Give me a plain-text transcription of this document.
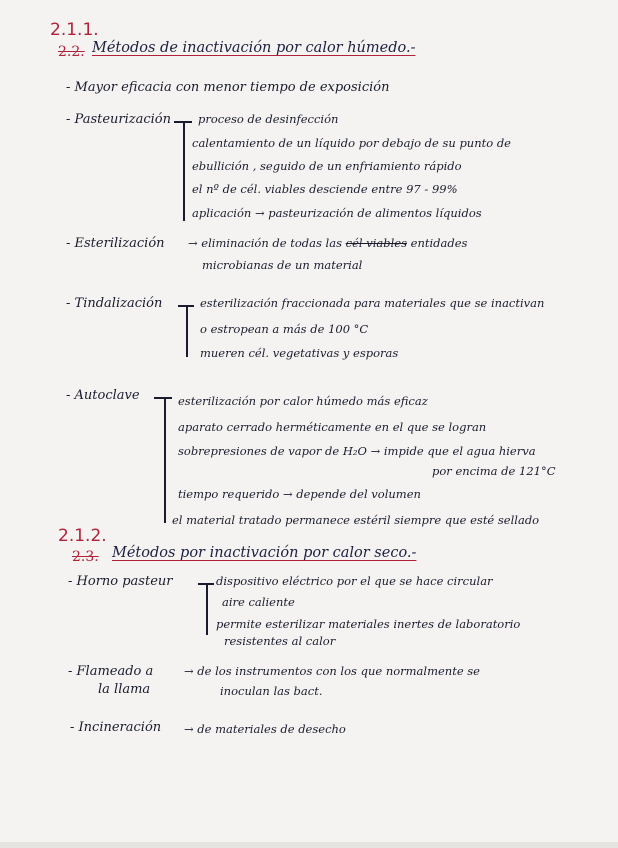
2.1.1.
2.2. Métodos de inactivación por calor húmedo.-
- Mayor eficacia con menor tiempo de exposición
- Pasteurización proceso de desinfección
calentamiento de un líquido por debajo de su punto de
ebullición , seguido de un enfriamiento rápido
el nº de cél. viables desciende entre 97 - 99%
aplicación → pasteurización de alimentos líquidos
- Esterilización → eliminación de todas las cél viables entidades
microbianas de un material
- Tindalización	esterilización fraccionada para materiales que se inactivan
o estropean a más de 100 °C
mueren cél. vegetativas y esporas
- Autoclave	esterilización por calor húmedo más eficaz
aparato cerrado herméticamente en el que se logran
sobrepresiones de vapor de H₂O → impide que el agua hierva
por encima de 121°C
tiempo requerido → depende del volumen
el material tratado permanece estéril siempre que esté sellado
2.1.2.
2.3. Métodos por inactivación por calor seco.-
- Horno pasteur	dispositivo eléctrico por el que se hace circular
aire caliente
permite esterilizar materiales inertes de laboratorio
resistentes al calor
- Flameado a
la llama
→ de los instrumentos con los que normalmente se
inoculan las bact.
- Incineración → de materiales de desecho
